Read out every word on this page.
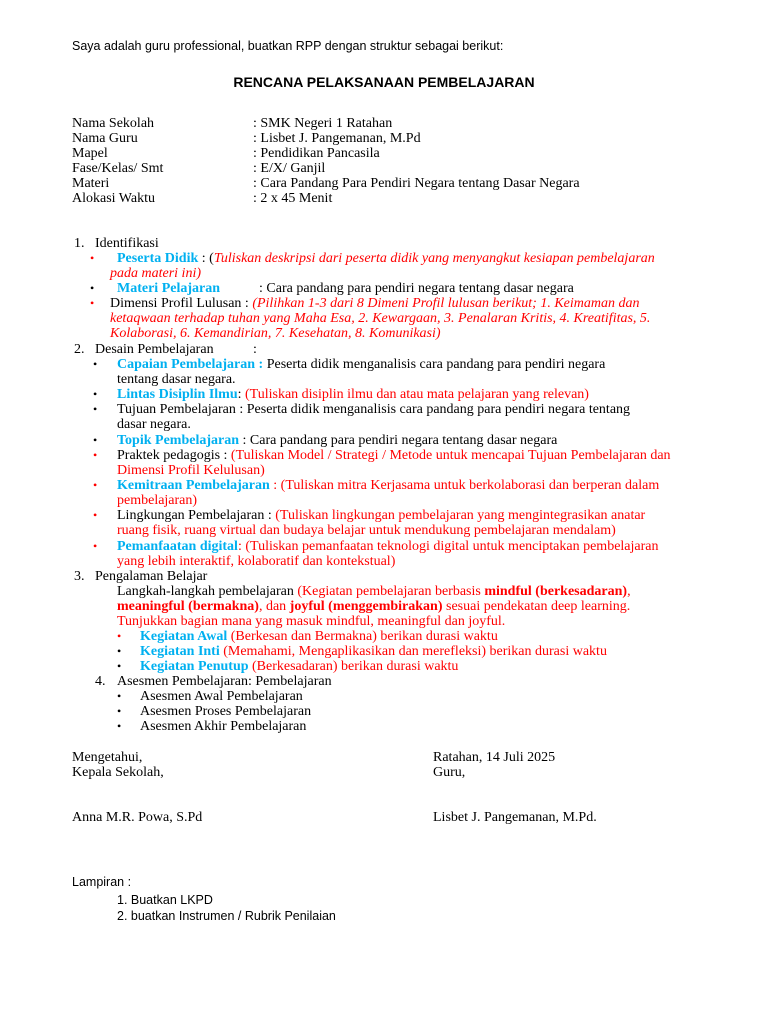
Saya adalah guru professional, buatkan RPP dengan struktur sebagai berikut:
RENCANA PELAKSANAAN PEMBELAJARAN
Nama Sekolah	: SMK Negeri 1 Ratahan
Nama Guru	: Lisbet J. Pangemanan, M.Pd
Mapel	: Pendidikan Pancasila
Fase/Kelas/ Smt	: E/X/ Ganjil
Materi	: Cara Pandang Para Pendiri Negara tentang Dasar Negara
Alokasi Waktu	: 2 x 45 Menit
1. Identifikasi
• Peserta Didik : (Tuliskan deskripsi dari peserta didik yang menyangkut kesiapan pembelajaran
pada materi ini)
• Materi Pelajaran	: Cara pandang para pendiri negara tentang dasar negara
• Dimensi Profil Lulusan : (Pilihkan 1-3 dari 8 Dimeni Profil lulusan berikut; 1. Keimaman dan
ketaqwaan terhadap tuhan yang Maha Esa, 2. Kewargaan, 3. Penalaran Kritis, 4. Kreatifitas, 5.
Kolaborasi, 6. Kemandirian, 7. Kesehatan, 8. Komunikasi)
2. Desain Pembelajaran	:
• Capaian Pembelajaran : Peserta didik menganalisis cara pandang para pendiri negara
tentang dasar negara.
• Lintas Disiplin Ilmu: (Tuliskan disiplin ilmu dan atau mata pelajaran yang relevan)
• Tujuan Pembelajaran : Peserta didik menganalisis cara pandang para pendiri negara tentang
dasar negara.
• Topik Pembelajaran : Cara pandang para pendiri negara tentang dasar negara
• Praktek pedagogis : (Tuliskan Model / Strategi / Metode untuk mencapai Tujuan Pembelajaran dan
Dimensi Profil Kelulusan)
• Kemitraan Pembelajaran : (Tuliskan mitra Kerjasama untuk berkolaborasi dan berperan dalam
pembelajaran)
• Lingkungan Pembelajaran : (Tuliskan lingkungan pembelajaran yang mengintegrasikan anatar
ruang fisik, ruang virtual dan budaya belajar untuk mendukung pembelajaran mendalam)
• Pemanfaatan digital: (Tuliskan pemanfaatan teknologi digital untuk menciptakan pembelajaran
yang lebih interaktif, kolaboratif dan kontekstual)
3. Pengalaman Belajar
Langkah-langkah pembelajaran (Kegiatan pembelajaran berbasis mindful (berkesadaran),
meaningful (bermakna), dan joyful (menggembirakan) sesuai pendekatan deep learning.
Tunjukkan bagian mana yang masuk mindful, meaningful dan joyful.
• Kegiatan Awal (Berkesan dan Bermakna) berikan durasi waktu
• Kegiatan Inti (Memahami, Mengaplikasikan dan merefleksi) berikan durasi waktu
• Kegiatan Penutup (Berkesadaran) berikan durasi waktu
4. Asesmen Pembelajaran: Pembelajaran
• Asesmen Awal Pembelajaran
• Asesmen Proses Pembelajaran
• Asesmen Akhir Pembelajaran
Mengetahui,
Kepala Sekolah,
Anna M.R. Powa, S.Pd
Ratahan, 14 Juli 2025
Guru,
Lisbet J. Pangemanan, M.Pd.
Lampiran :
1. Buatkan LKPD
2. buatkan Instrumen / Rubrik Penilaian
